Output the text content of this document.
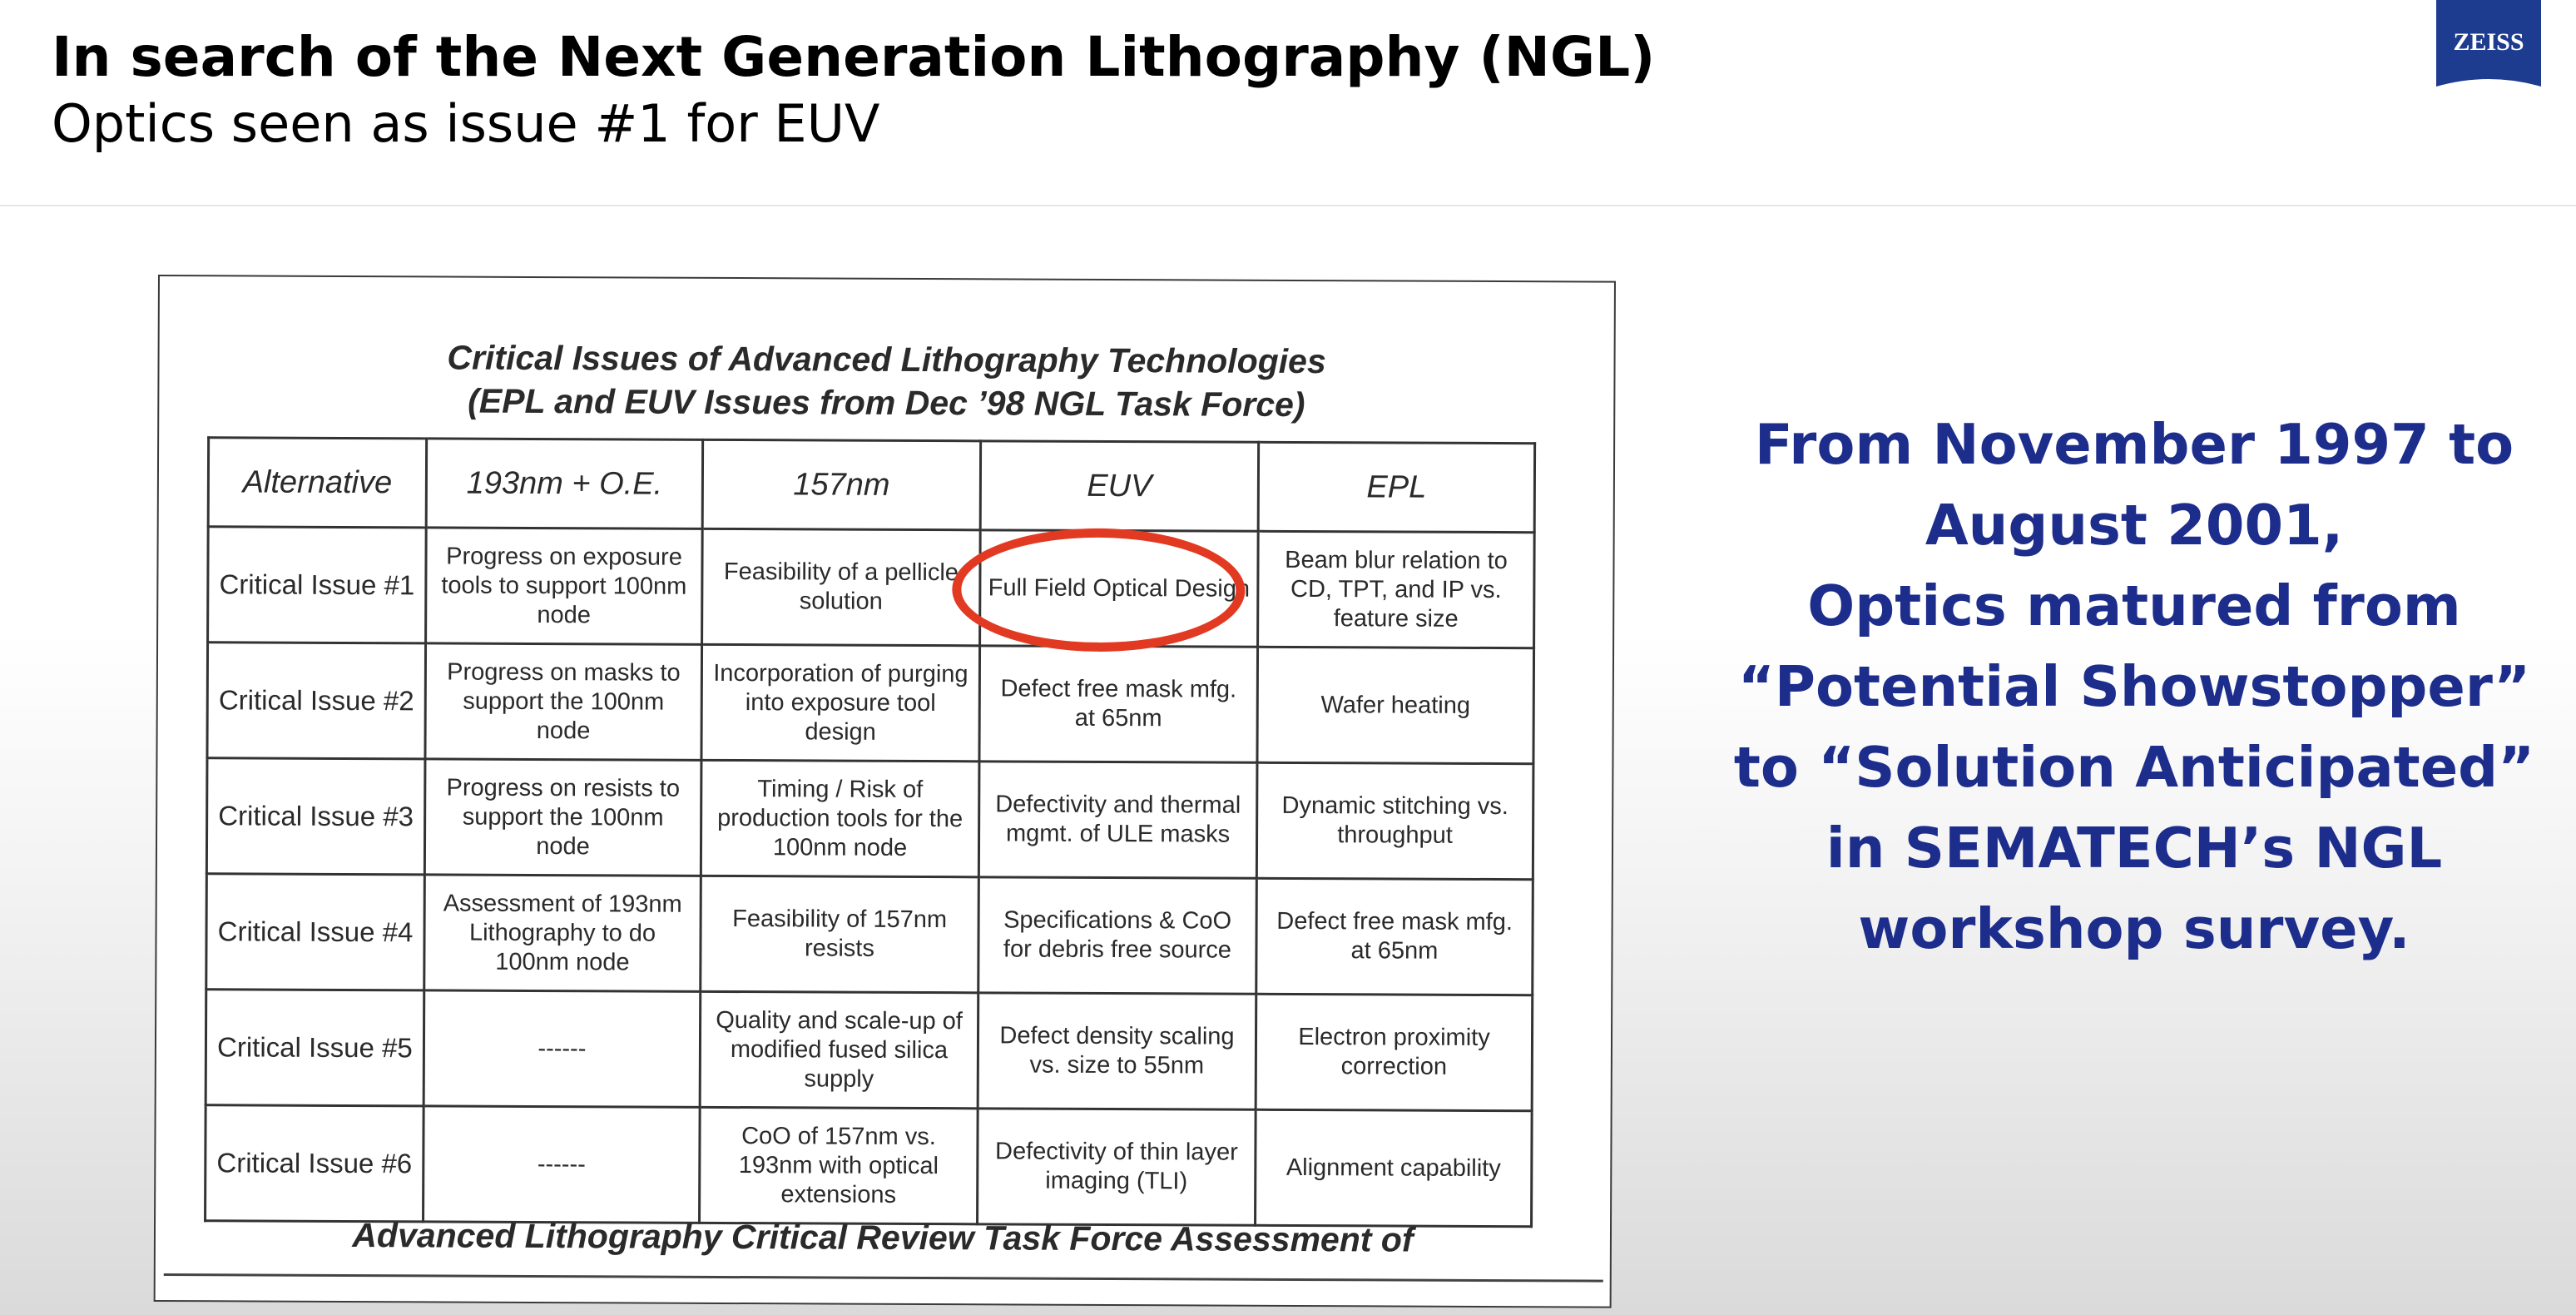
In search of the Next Generation Lithography (NGL)
Optics seen as issue #1 for EUV
ZEISS
Critical Issues of Advanced Lithography Technologies
(EPL and EUV Issues from Dec ’98 NGL Task Force)
Alternative	193nm + O.E.	157nm	EUV	EPL
Critical Issue #1	Progress on exposure tools to support 100nm node	Feasibility of a pellicle solution	Full Field Optical Design	Beam blur relation to CD, TPT, and IP vs. feature size
Critical Issue #2	Progress on masks to support the 100nm node	Incorporation of purging into exposure tool design	Defect free mask mfg. at 65nm	Wafer heating
Critical Issue #3	Progress on resists to support the 100nm node	Timing / Risk of production tools for the 100nm node	Defectivity and thermal mgmt. of ULE masks	Dynamic stitching vs. throughput
Critical Issue #4	Assessment of 193nm Lithography to do 100nm node	Feasibility of 157nm resists	Specifications & CoO for debris free source	Defect free mask mfg. at 65nm
Critical Issue #5	------	Quality and scale-up of modified fused silica supply	Defect density scaling vs. size to 55nm	Electron proximity correction
Critical Issue #6	------	CoO of 157nm vs. 193nm with optical extensions	Defectivity of thin layer imaging (TLI)	Alignment capability
Advanced Lithography Critical Review Task Force Assessment of

From November 1997 to
August 2001,
Optics matured from
“Potential Showstopper”
to “Solution Anticipated”
in SEMATECH’s NGL
workshop survey.
